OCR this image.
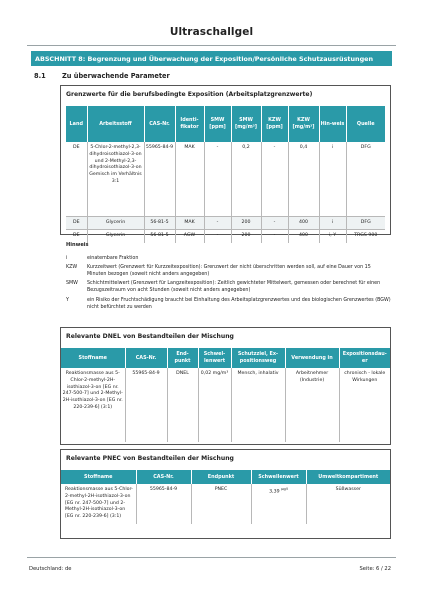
Ultraschallgel
ABSCHNITT 8: Begrenzung und Überwachung der Exposition/Persönliche Schutzausrüstungen
8.1 Zu überwachende Parameter
Grenzwerte für die berufsbedingte Exposition (Arbeitsplatzgrenzwerte)
Land	Arbeitsstoff	CAS-Nr.	Identi-fikator	SMW [ppm]	SMW [mg/m³]	KZW [ppm]	KZW [mg/m³]	Hin-weis	Quelle
DE	5-Chlor-2-methyl-2,3-dihydroisothiazol-3-on und 2-Methyl-2,3-dihydroisothiazol-3-on Gemisch im Verhältnis 3:1	55965-84-9	MAK	-	0,2	-	0,4	i	DFG
DE	Glycerin	56-81-5	MAK	-	200	-	400	i	DFG
DE	Glycerin	56-81-5	AGW	-	200	-	400	i, Y	TRGS 900
Hinweis
i	einatembare Fraktion
KZW	Kurzzeitwert (Grenzwert für Kurzzeitexposition): Grenzwert der nicht überschritten werden soll, auf eine Dauer von 15 Minuten bezogen (soweit nicht anders angegeben)
SMW	Schichtmittelwert (Grenzwert für Langzeitexposition): Zeitlich gewichteter Mittelwert, gemessen oder berechnet für einen Bezugszeitraum von acht Stunden (soweit nicht anders angegeben)
Y	ein Risiko der Fruchtschädigung braucht bei Einhaltung des Arbeitsplatzgrenzwertes und des biologischen Grenzwertes (BGW) nicht befürchtet zu werden
Relevante DNEL von Bestandteilen der Mischung
Stoffname	CAS-Nr.	End-punkt	Schwel-lenwert	Schutzziel, Ex-positionsweg	Verwendung in	Expositionsdau-er
Reaktionsmasse aus 5-Chlor-2-methyl-2H-isothiazol-3-on [EG nr. 247-500-7] und 2-Methyl-2H-isothiazol-3-on [EG nr. 220-239-6] (3:1)	55965-84-9	DNEL	0,02 mg/m³	Mensch, inhalativ	Arbeitnehmer (Industrie)	chronisch - lokale Wirkungen
Relevante PNEC von Bestandteilen der Mischung
Stoffname	CAS-Nr.	Endpunkt	Schwellenwert	Umweltkompartiment
Reaktionsmasse aus 5-Chlor-2-methyl-2H-isothiazol-3-on [EG nr. 247-500-7] und 2-Methyl-2H-isothiazol-3-on [EG nr. 220-239-6] (3:1)	55965-84-9	PNEC	3,39 $^{\mu g/l}$	Süßwasser
Deutschland: de	Seite: 6 / 22
